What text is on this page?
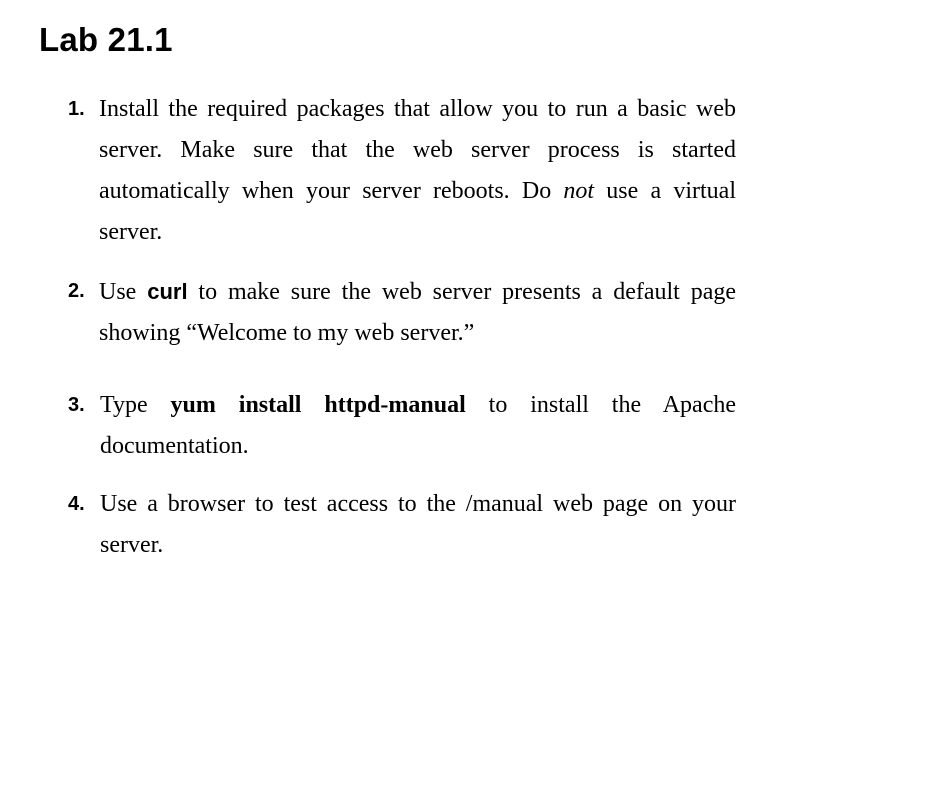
Lab 21.1
1. Install the required packages that allow you to run a basic web server. Make sure that the web server process is started automatically when your server reboots. Do not use a virtual server.
2. Use curl to make sure the web server presents a default page showing “Welcome to my web server.”
3. Type yum install httpd-manual to install the Apache documentation.
4. Use a browser to test access to the /manual web page on your server.
